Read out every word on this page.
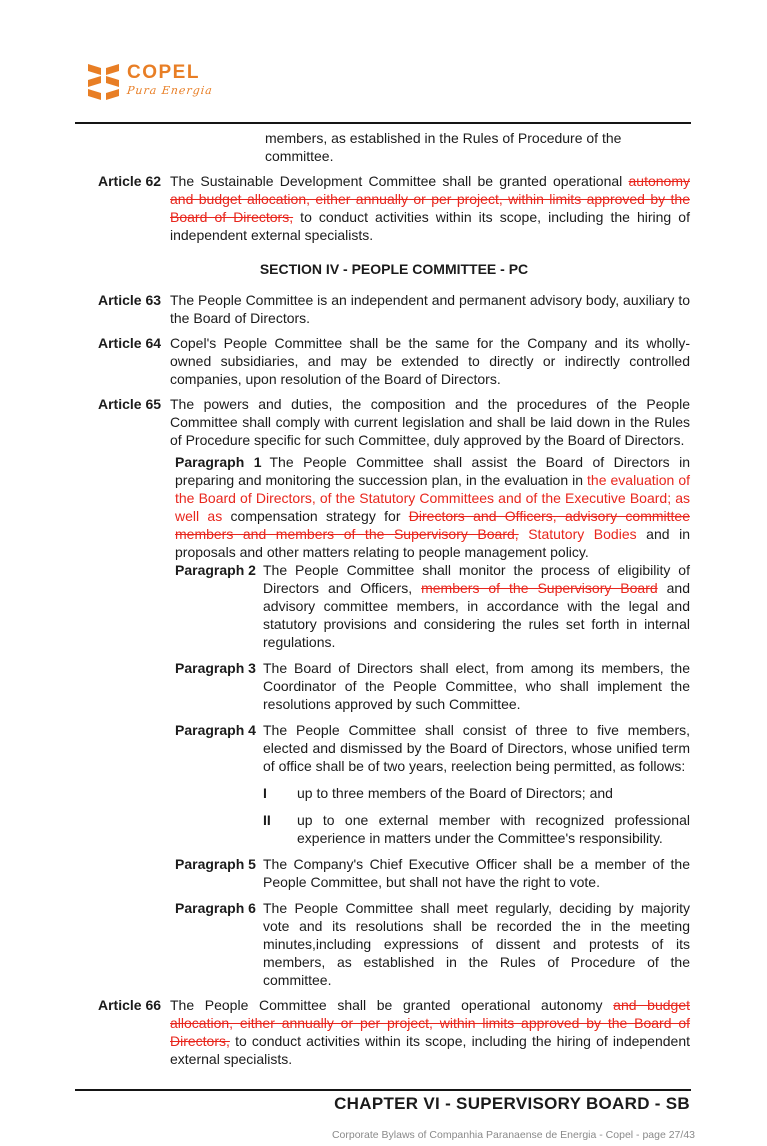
COPEL
Pura Energia
members, as established in the Rules of Procedure of the committee.
Article 62 The Sustainable Development Committee shall be granted operational autonomy and budget allocation, either annually or per project, within limits approved by the Board of Directors, to conduct activities within its scope, including the hiring of independent external specialists.
SECTION IV - PEOPLE COMMITTEE - PC
Article 63 The People Committee is an independent and permanent advisory body, auxiliary to the Board of Directors.
Article 64 Copel's People Committee shall be the same for the Company and its wholly-owned subsidiaries, and may be extended to directly or indirectly controlled companies, upon resolution of the Board of Directors.
Article 65 The powers and duties, the composition and the procedures of the People Committee shall comply with current legislation and shall be laid down in the Rules of Procedure specific for such Committee, duly approved by the Board of Directors.
Paragraph 1 The People Committee shall assist the Board of Directors in preparing and monitoring the succession plan, in the evaluation in the evaluation of the Board of Directors, of the Statutory Committees and of the Executive Board; as well as compensation strategy for Directors and Officers, advisory committee members and members of the Supervisory Board, Statutory Bodies and in proposals and other matters relating to people management policy.
Paragraph 2 The People Committee shall monitor the process of eligibility of Directors and Officers, members of the Supervisory Board and advisory committee members, in accordance with the legal and statutory provisions and considering the rules set forth in internal regulations.
Paragraph 3 The Board of Directors shall elect, from among its members, the Coordinator of the People Committee, who shall implement the resolutions approved by such Committee.
Paragraph 4 The People Committee shall consist of three to five members, elected and dismissed by the Board of Directors, whose unified term of office shall be of two years, reelection being permitted, as follows:
I	up to three members of the Board of Directors; and
II	up to one external member with recognized professional experience in matters under the Committee's responsibility.
Paragraph 5 The Company's Chief Executive Officer shall be a member of the People Committee, but shall not have the right to vote.
Paragraph 6 The People Committee shall meet regularly, deciding by majority vote and its resolutions shall be recorded the in the meeting minutes,including expressions of dissent and protests of its members, as established in the Rules of Procedure of the committee.
Article 66 The People Committee shall be granted operational autonomy and budget allocation, either annually or per project, within limits approved by the Board of Directors, to conduct activities within its scope, including the hiring of independent external specialists.
CHAPTER VI - SUPERVISORY BOARD - SB
Corporate Bylaws of Companhia Paranaense de Energia - Copel - page 27/43
